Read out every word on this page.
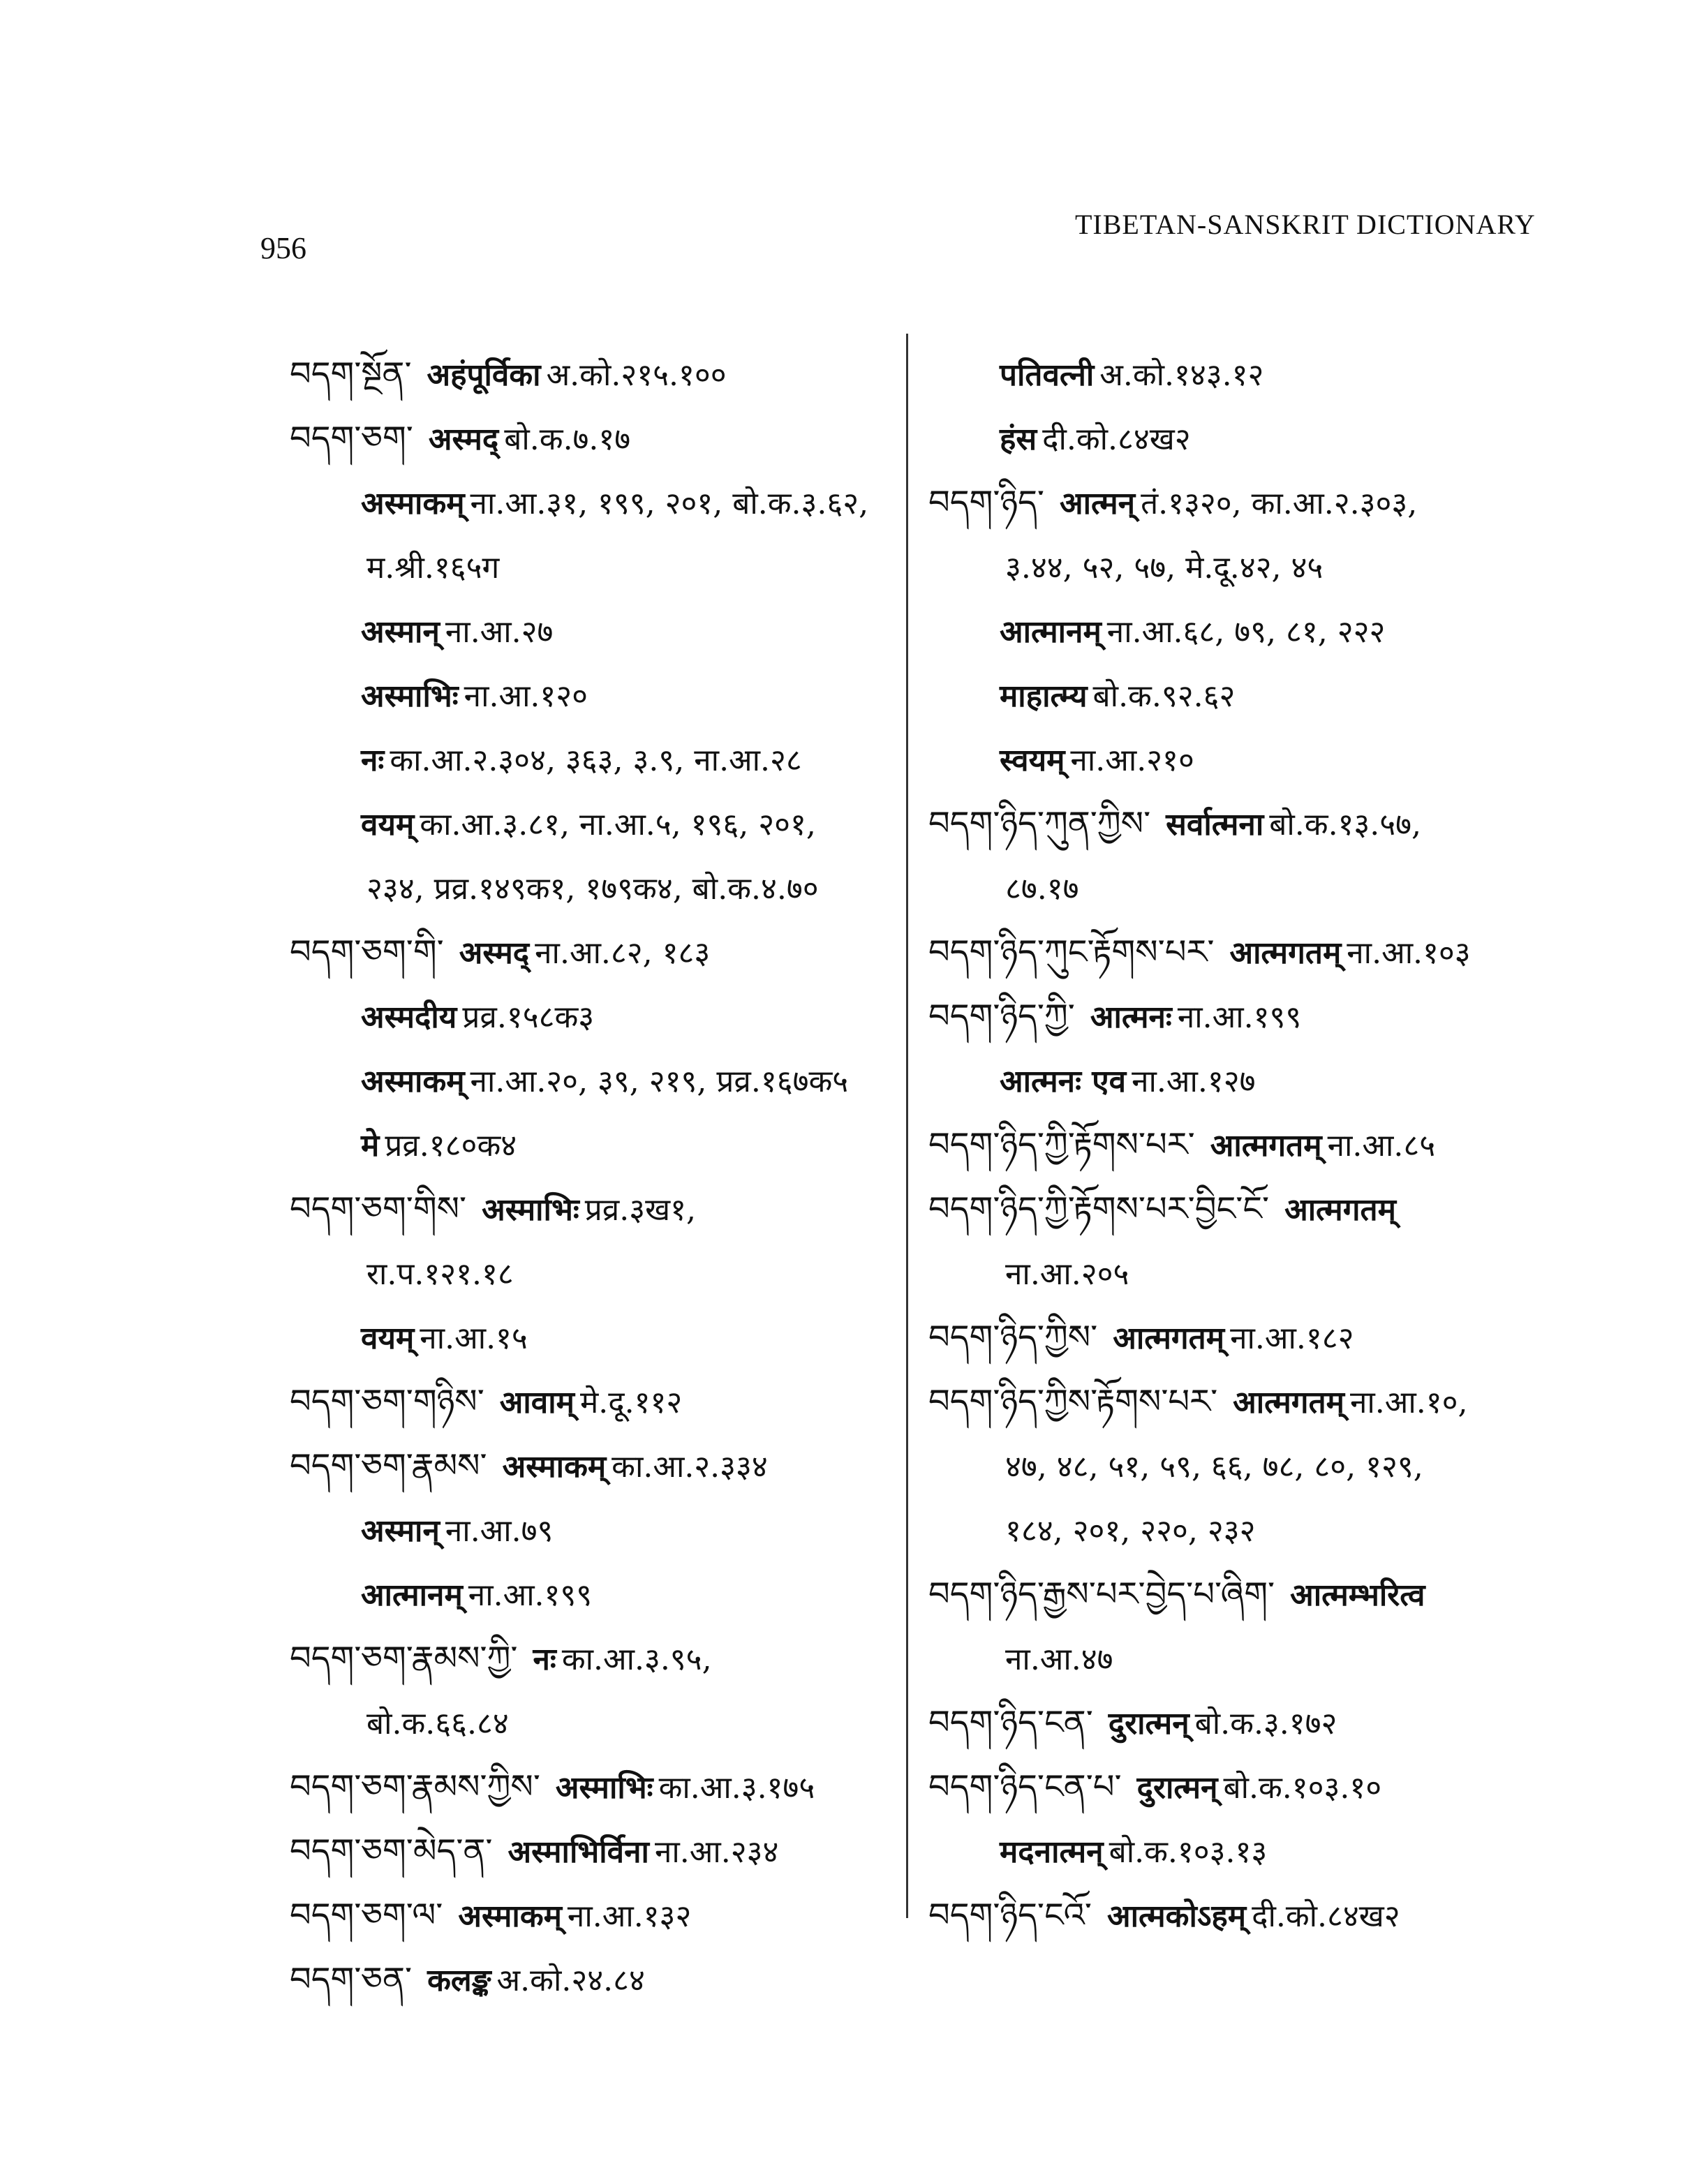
956
TIBETAN-SANSKRIT DICTIONARY
བདག་སྔོན་ अहंपूर्विका अ.को.२१५.१००
བདག་ཅག་ अस्मद् बो.क.७.१७
अस्माकम् ना.आ.३१, १९९, २०१, बो.क.३.६२,
म.श्री.१६५ग
अस्मान् ना.आ.२७
अस्माभिः ना.आ.१२०
नः का.आ.२.३०४, ३६३, ३.९, ना.आ.२८
वयम् का.आ.३.८१, ना.आ.५, १९६, २०१,
२३४, प्रव्र.१४९क१, १७९क४, बो.क.४.७०
བདག་ཅག་གི་ अस्मद् ना.आ.८२, १८३
अस्मदीय प्रव्र.१५८क३
अस्माकम् ना.आ.२०, ३९, २१९, प्रव्र.१६७क५
मे प्रव्र.१८०क४
བདག་ཅག་གིས་ अस्माभिः प्रव्र.३ख१,
रा.प.१२१.१८
वयम् ना.आ.१५
བདག་ཅག་གཉིས་ आवाम् मे.दू.११२
བདག་ཅག་རྣམས་ अस्माकम् का.आ.२.३३४
अस्मान् ना.आ.७९
आत्मानम् ना.आ.१९९
བདག་ཅག་རྣམས་ཀྱི་ नः का.आ.३.९५,
बो.क.६६.८४
བདག་ཅག་རྣམས་ཀྱིས་ अस्माभिः का.आ.३.१७५
བདག་ཅག་མེད་ན་ अस्माभिर्विना ना.आ.२३४
བདག་ཅག་ལ་ अस्माकम् ना.आ.१३२
བདག་ཅན་ कलङ्क अ.को.२४.८४
पतिवत्नी अ.को.१४३.१२
हंस दी.को.८४ख२
བདག་ཉིད་ आत्मन् तं.१३२०, का.आ.२.३०३,
३.४४, ५२, ५७, मे.दू.४२, ४५
आत्मानम् ना.आ.६८, ७९, ८१, २२२
माहात्म्य बो.क.९२.६२
स्वयम् ना.आ.२१०
བདག་ཉིད་ཀུན་ཀྱིས་ सर्वात्मना बो.क.१३.५७,
८७.१७
བདག་ཉིད་ཀུང་རྟོགས་པར་ आत्मगतम् ना.आ.१०३
བདག་ཉིད་ཀྱི་ आत्मनः ना.आ.१९९
आत्मनः एव ना.आ.१२७
བདག་ཉིད་ཀྱི་རྟོགས་པར་ आत्मगतम् ना.आ.८५
བདག་ཉིད་ཀྱི་རྟོགས་པར་བྱིང་ངོ་ आत्मगतम्
ना.आ.२०५
བདག་ཉིད་ཀྱིས་ आत्मगतम् ना.आ.१८२
བདག་ཉིད་ཀྱིས་རྟོགས་པར་ आत्मगतम् ना.आ.१०,
४७, ४८, ५१, ५९, ६६, ७८, ८०, १२९,
१८४, २०१, २२०, २३२
བདག་ཉིད་རྒྱས་པར་བྱེད་པ་ཞིག་ आत्मम्भरित्व
ना.आ.४७
བདག་ཉིད་ངན་ दुरात्मन् बो.क.३.१७२
བདག་ཉིད་ངན་པ་ दुरात्मन् बो.क.१०३.१०
मदनात्मन् बो.क.१०३.१३
བདག་ཉིད་ངའོ་ आत्मकोऽहम् दी.को.८४ख२
